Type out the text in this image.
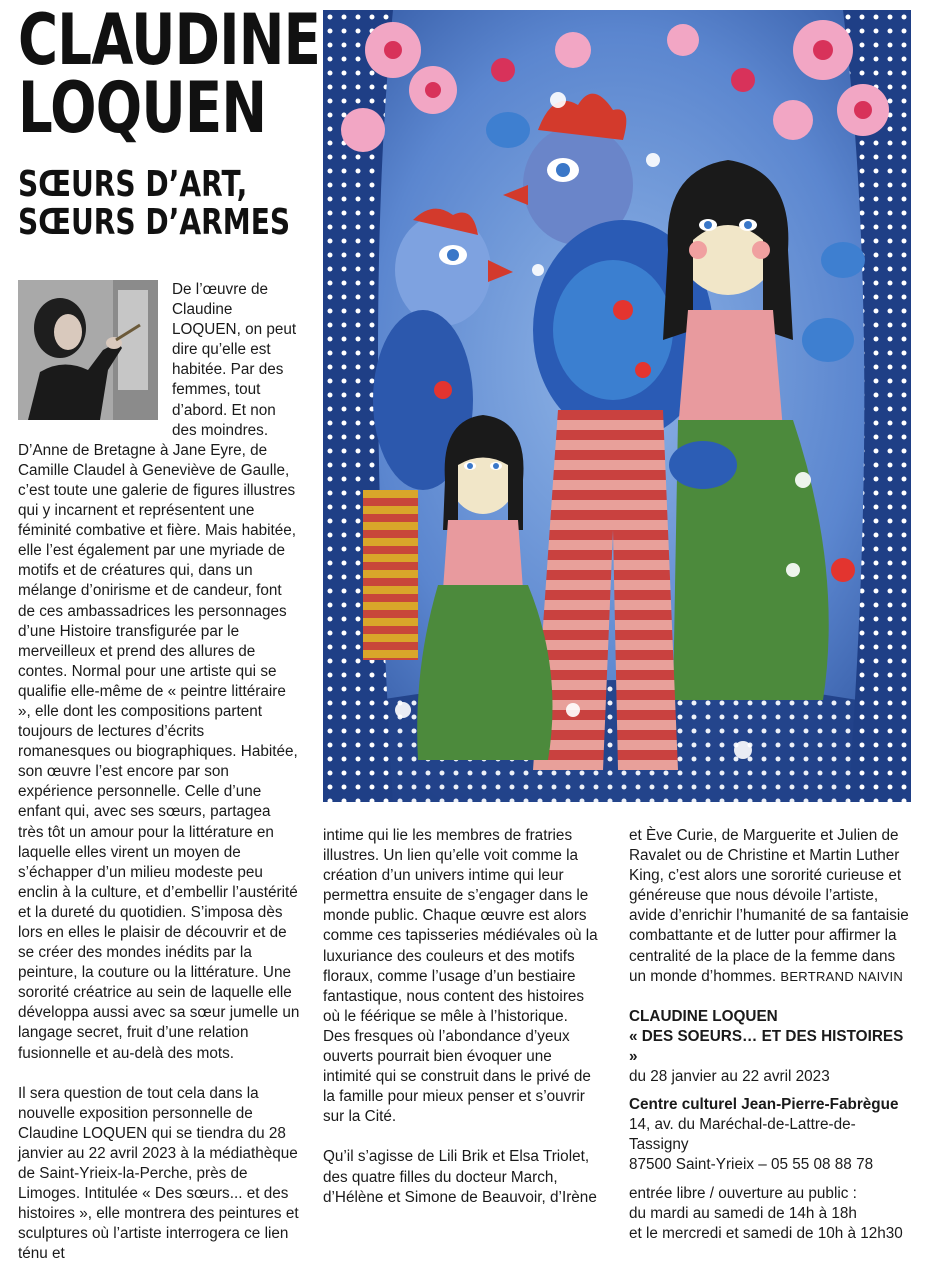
CLAUDINE
LOQUEN
SŒURS D’ART,
SŒURS D’ARMES

De l’œuvre de Claudine LOQUEN, on peut dire qu’elle est habitée. Par des femmes, tout d’abord. Et non des moindres. D’Anne de Bretagne à Jane Eyre, de Camille Claudel à Geneviève de Gaulle, c’est toute une galerie de figures illustres qui y incarnent et représentent une féminité combative et fière. Mais habitée, elle l’est également par une myriade de motifs et de créatures qui, dans un mélange d’onirisme et de candeur, font de ces ambassadrices les personnages d’une Histoire transfigurée par le merveilleux et prend des allures de contes. Normal pour une artiste qui se qualifie elle-même de « peintre littéraire », elle dont les compositions partent toujours de lectures d’écrits romanesques ou biographiques. Habitée, son œuvre l’est encore par son expérience personnelle. Celle d’une enfant qui, avec ses sœurs, partagea très tôt un amour pour la littérature en laquelle elles virent un moyen de s’échapper d’un milieu modeste peu enclin à la culture, et d’embellir l’austérité et la dureté du quotidien. S’imposa dès lors en elles le plaisir de découvrir et de se créer des mondes inédits par la peinture, la couture ou la littérature. Une sororité créatrice au sein de laquelle elle développa aussi avec sa sœur jumelle un langage secret, fruit d’une relation fusionnelle et au-delà des mots.

Il sera question de tout cela dans la nouvelle exposition personnelle de Claudine LOQUEN qui se tiendra du 28 janvier au 22 avril 2023 à la médiathèque de Saint-Yrieix-la-Perche, près de Limoges. Intitulée « Des sœurs... et des histoires », elle montrera des peintures et sculptures où l’artiste interrogera ce lien ténu et

intime qui lie les membres de fratries illustres. Un lien qu’elle voit comme la création d’un univers intime qui leur permettra ensuite de s’engager dans le monde public. Chaque œuvre est alors comme ces tapisseries médiévales où la luxuriance des couleurs et des motifs floraux, comme l’usage d’un bestiaire fantastique, nous content des histoires où le féérique se mêle à l’historique. Des fresques où l’abondance d’yeux ouverts pourrait bien évoquer une intimité qui se construit dans le privé de la famille pour mieux penser et s’ouvrir sur la Cité.

Qu’il s’agisse de Lili Brik et Elsa Triolet, des quatre filles du docteur March, d’Hélène et Simone de Beauvoir, d’Irène

et Ève Curie, de Marguerite et Julien de Ravalet ou de Christine et Martin Luther King, c’est alors une sororité curieuse et généreuse que nous dévoile l’artiste, avide d’enrichir l’humanité de sa fantaisie combattante et de lutter pour affirmer la centralité de la place de la femme dans un monde d’hommes. BERTRAND NAIVIN

CLAUDINE LOQUEN
« DES SOEURS… ET DES HISTOIRES »
du 28 janvier au 22 avril 2023
Centre culturel Jean-Pierre-Fabrègue
14, av. du Maréchal-de-Lattre-de-Tassigny
87500 Saint-Yrieix – 05 55 08 88 78
entrée libre / ouverture au public :
du mardi au samedi de 14h à 18h
et le mercredi et samedi de 10h à 12h30
